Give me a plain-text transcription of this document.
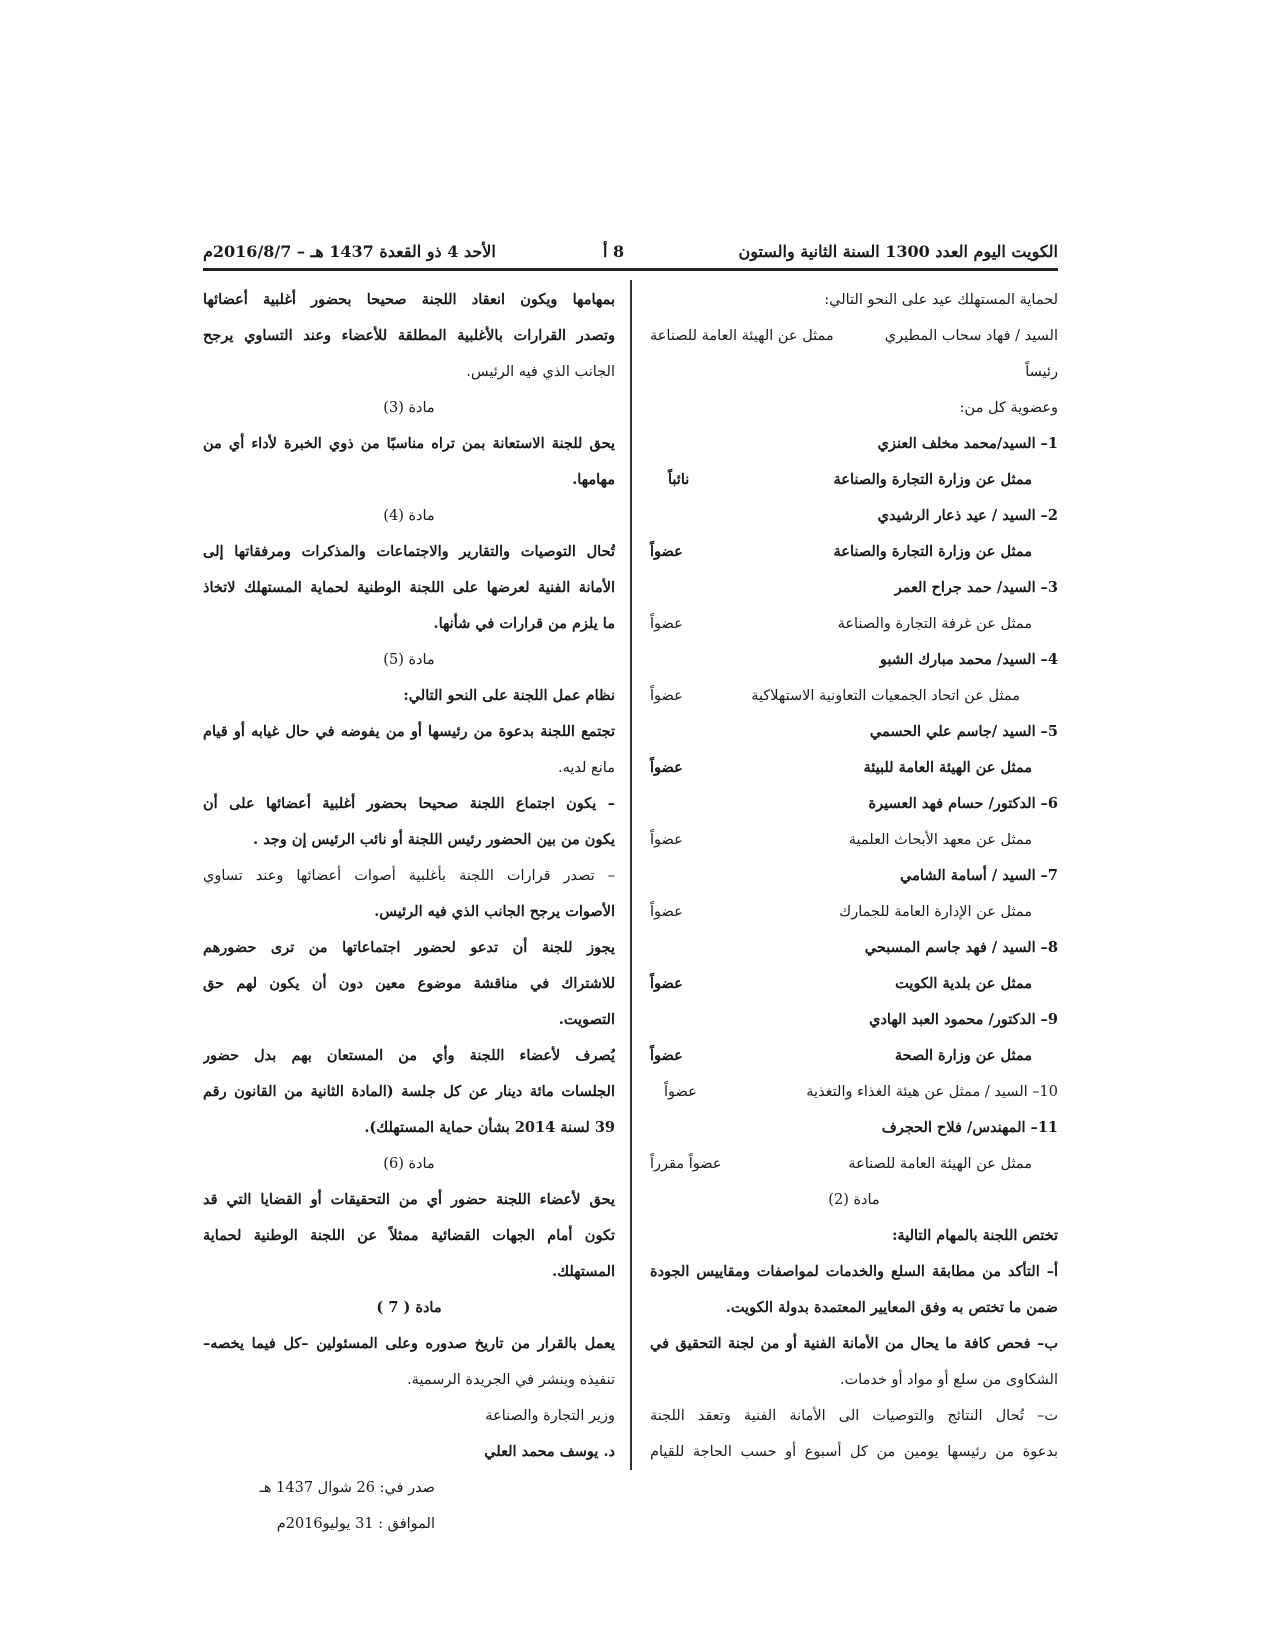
الكويت اليوم العدد 1300 السنة الثانية والستون
8 أ
الأحد 4 ذو القعدة 1437 هـ – 2016/8/7م
لحماية المستهلك عيد على النحو التالي:
السيد / فهاد سحاب المطيري
ممثل عن الهيئة العامة للصناعة
رئيساً
وعضوية كل من:
1– السيد/محمد مخلف العنزي
ممثل عن وزارة التجارة والصناعة
نائباً
2– السيد / عيد ذعار الرشيدي
ممثل عن وزارة التجارة والصناعة
عضواً
3– السيد/ حمد جراح العمر
ممثل عن غرفة التجارة والصناعة
عضواً
4– السيد/ محمد مبارك الشبو
ممثل عن اتحاد الجمعيات التعاونية الاستهلاكية
عضواً
5– السيد /جاسم علي الحسمي
ممثل عن الهيئة العامة للبيئة
عضواً
6– الدكتور/ حسام فهد العسيرة
ممثل عن معهد الأبحاث العلمية
عضواً
7– السيد / أسامة الشامي
ممثل عن الإدارة العامة للجمارك
عضواً
8– السيد / فهد جاسم المسبحي
ممثل عن بلدية الكويت
عضواً
9– الدكتور/ محمود العبد الهادي
ممثل عن وزارة الصحة
عضواً
10– السيد / ممثل عن هيئة الغذاء والتغذية
عضواً
11– المهندس/ فلاح الحجرف
ممثل عن الهيئة العامة للصناعة
عضواً مقرراً
مادة (2)
تختص اللجنة بالمهام التالية:
أ– التأكد من مطابقة السلع والخدمات لمواصفات ومقاييس الجودة
ضمن ما تختص به وفق المعايير المعتمدة بدولة الكويت.
ب– فحص كافة ما يحال من الأمانة الفنية أو من لجنة التحقيق في
الشكاوى من سلع أو مواد أو خدمات.
ت– تُحال النتائج والتوصيات الى الأمانة الفنية وتعقد اللجنة
بدعوة من رئيسها يومين من كل أسبوع أو حسب الحاجة للقيام
بمهامها ويكون انعقاد اللجنة صحيحا بحضور أغلبية أعضائها
وتصدر القرارات بالأغلبية المطلقة للأعضاء وعند التساوي يرجح
الجانب الذي فيه الرئيس.
مادة (3)
يحق للجنة الاستعانة بمن تراه مناسبًا من ذوي الخبرة لأداء أي من
مهامها.
مادة (4)
تُحال التوصيات والتقارير والاجتماعات والمذكرات ومرفقاتها إلى
الأمانة الفنية لعرضها على اللجنة الوطنية لحماية المستهلك لاتخاذ
ما يلزم من قرارات في شأنها.
مادة (5)
نظام عمل اللجنة على النحو التالي:
تجتمع اللجنة بدعوة من رئيسها أو من يفوضه في حال غيابه أو قيام
مانع لديه.
– يكون اجتماع اللجنة صحيحا بحضور أغلبية أعضائها على أن
يكون من بين الحضور رئيس اللجنة أو نائب الرئيس إن وجد .
– تصدر قرارات اللجنة بأغلبية أصوات أعضائها وعند تساوي
الأصوات يرجح الجانب الذي فيه الرئيس.
يجوز للجنة أن تدعو لحضور اجتماعاتها من ترى حضورهم
للاشتراك في مناقشة موضوع معين دون أن يكون لهم حق
التصويت.
يُصرف لأعضاء اللجنة وأي من المستعان بهم بدل حضور
الجلسات مائة دينار عن كل جلسة (المادة الثانية من القانون رقم
39 لسنة 2014 بشأن حماية المستهلك).
مادة (6)
يحق لأعضاء اللجنة حضور أي من التحقيقات أو القضايا التي قد
تكون أمام الجهات القضائية ممثلاً عن اللجنة الوطنية لحماية
المستهلك.
مادة ( 7 )
يعمل بالقرار من تاريخ صدوره وعلى المسئولين –كل فيما يخصه–
تنفيذه وينشر في الجريدة الرسمية.
وزير التجارة والصناعة
د. يوسف محمد العلي
صدر في: 26 شوال 1437 هـ
الموافق : 31 يوليو2016م
